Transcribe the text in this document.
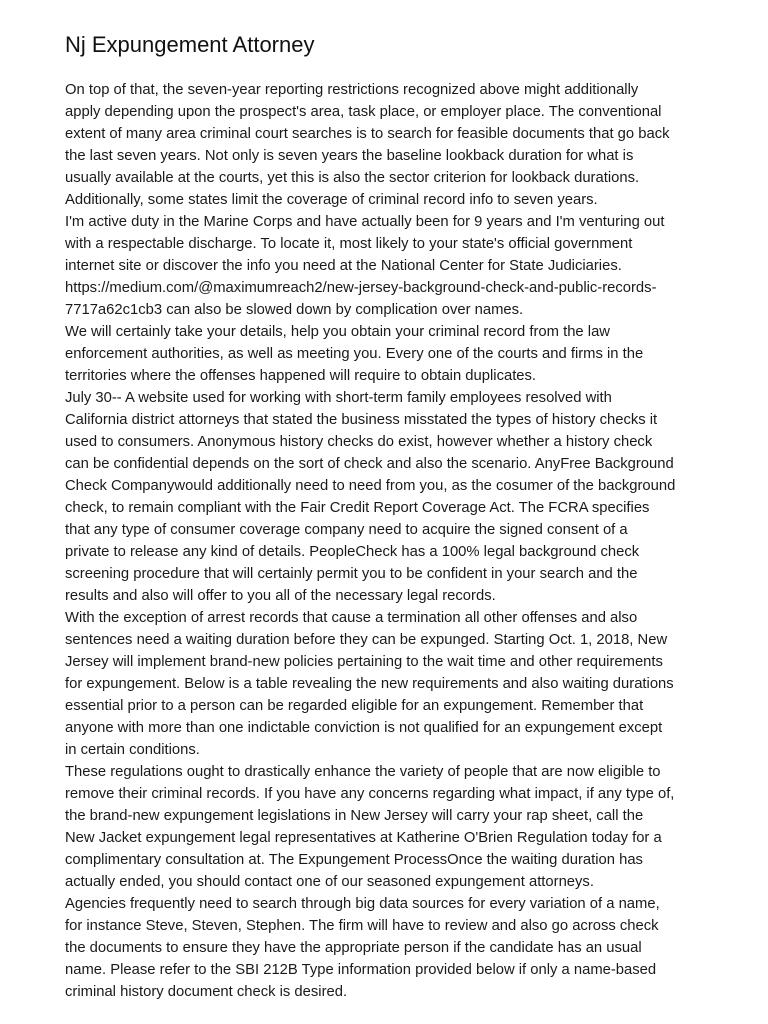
Nj Expungement Attorney

On top of that, the seven-year reporting restrictions recognized above might additionally
apply depending upon the prospect's area, task place, or employer place. The conventional
extent of many area criminal court searches is to search for feasible documents that go back
the last seven years. Not only is seven years the baseline lookback duration for what is
usually available at the courts, yet this is also the sector criterion for lookback durations.
Additionally, some states limit the coverage of criminal record info to seven years.

I'm active duty in the Marine Corps and have actually been for 9 years and I'm venturing out
with a respectable discharge. To locate it, most likely to your state's official government
internet site or discover the info you need at the National Center for State Judiciaries.
https://medium.com/@maximumreach2/new-jersey-background-check-and-public-records-
7717a62c1cb3 can also be slowed down by complication over names.

We will certainly take your details, help you obtain your criminal record from the law
enforcement authorities, as well as meeting you. Every one of the courts and firms in the
territories where the offenses happened will require to obtain duplicates.

July 30-- A website used for working with short-term family employees resolved with
California district attorneys that stated the business misstated the types of history checks it
used to consumers. Anonymous history checks do exist, however whether a history check
can be confidential depends on the sort of check and also the scenario. AnyFree Background
Check Companywould additionally need to need from you, as the cosumer of the background
check, to remain compliant with the Fair Credit Report Coverage Act. The FCRA specifies
that any type of consumer coverage company need to acquire the signed consent of a
private to release any kind of details. PeopleCheck has a 100% legal background check
screening procedure that will certainly permit you to be confident in your search and the
results and also will offer to you all of the necessary legal records.

With the exception of arrest records that cause a termination all other offenses and also
sentences need a waiting duration before they can be expunged. Starting Oct. 1, 2018, New
Jersey will implement brand-new policies pertaining to the wait time and other requirements
for expungement. Below is a table revealing the new requirements and also waiting durations
essential prior to a person can be regarded eligible for an expungement. Remember that
anyone with more than one indictable conviction is not qualified for an expungement except
in certain conditions.

These regulations ought to drastically enhance the variety of people that are now eligible to
remove their criminal records. If you have any concerns regarding what impact, if any type of,
the brand-new expungement legislations in New Jersey will carry your rap sheet, call the
New Jacket expungement legal representatives at Katherine O'Brien Regulation today for a
complimentary consultation at. The Expungement ProcessOnce the waiting duration has
actually ended, you should contact one of our seasoned expungement attorneys.

Agencies frequently need to search through big data sources for every variation of a name,
for instance Steve, Steven, Stephen. The firm will have to review and also go across check
the documents to ensure they have the appropriate person if the candidate has an usual
name. Please refer to the SBI 212B Type information provided below if only a name-based
criminal history document check is desired.
